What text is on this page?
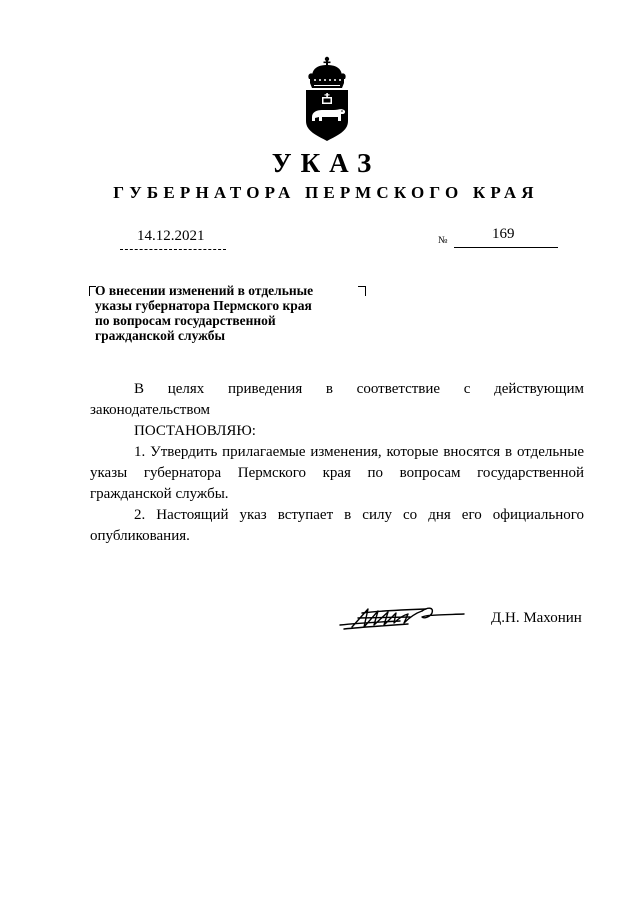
УКАЗ
ГУБЕРНАТОРА ПЕРМСКОГО КРАЯ
14.12.2021	№	169
О внесении изменений в отдельные
указы губернатора Пермского края
по вопросам государственной
гражданской службы

В целях приведения в соответствие с действующим законодательством

ПОСТАНОВЛЯЮ:

1. Утвердить прилагаемые изменения, которые вносятся в отдельные указы губернатора Пермского края по вопросам государственной гражданской службы.

2. Настоящий указ вступает в силу со дня его официального опубликования.

Д.Н. Махонин
